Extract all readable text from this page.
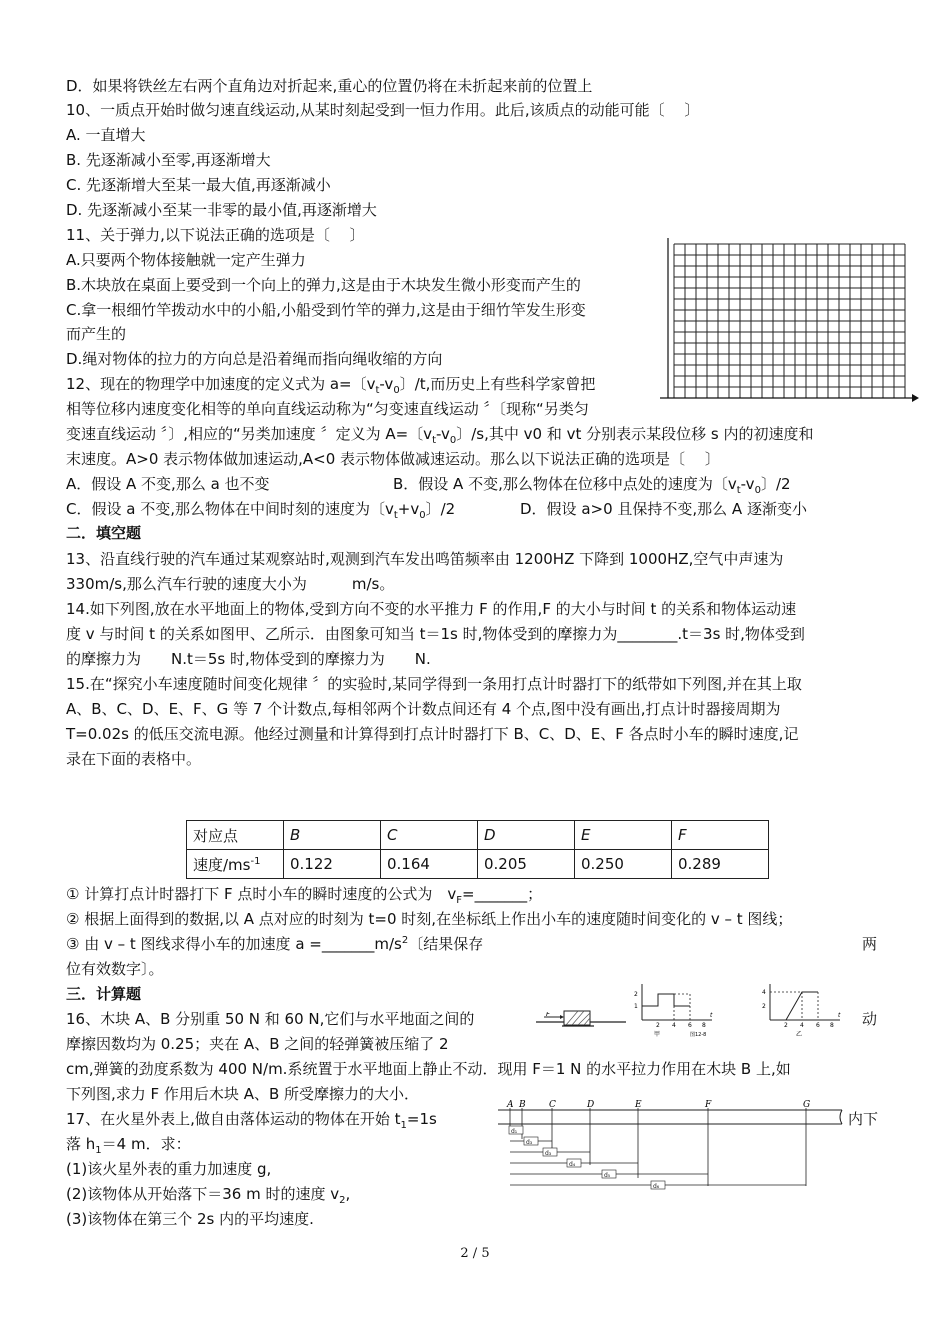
D．如果将铁丝左右两个直角边对折起来,重心的位置仍将在未折起来前的位置上
10、一质点开始时做匀速直线运动,从某时刻起受到一恒力作用。此后,该质点的动能可能〔　 〕
A. 一直增大
B. 先逐渐减小至零,再逐渐增大
C. 先逐渐增大至某一最大值,再逐渐减小
D. 先逐渐减小至某一非零的最小值,再逐渐增大
11、关于弹力,以下说法正确的选项是〔　 〕
A.只要两个物体接触就一定产生弹力
B.木块放在桌面上要受到一个向上的弹力,这是由于木块发生微小形变而产生的
C.拿一根细竹竿拨动水中的小船,小船受到竹竿的弹力,这是由于细竹竿发生形变
而产生的
D.绳对物体的拉力的方向总是沿着绳而指向绳收缩的方向
12、现在的物理学中加速度的定义式为 a=〔$v_t-v_0$〕/t,而历史上有些科学家曾把
相等位移内速度变化相等的单向直线运动称为“匀变速直线运动 〞〔现称“另类匀
变速直线运动 〞〕,相应的“另类加速度 〞定义为 A=〔$v_t-v_0$〕/s,其中 v0 和 vt 分别表示某段位移 s 内的初速度和
末速度。A>0 表示物体做加速运动,A<0 表示物体做减速运动。那么以下说法正确的选项是〔　 〕
A．假设 A 不变,那么 a 也不变	B．假设 A 不变,那么物体在位移中点处的速度为〔$v_t-v_0$〕/2
C．假设 a 不变,那么物体在中间时刻的速度为〔$v_t+v_0$〕/2	D．假设 a>0 且保持不变,那么 A 逐渐变小
二．填空题
13、沿直线行驶的汽车通过某观察站时,观测到汽车发出鸣笛频率由 1200HZ 下降到 1000HZ,空气中声速为
330m/s,那么汽车行驶的速度大小为　　　m/s。
14.如下列图,放在水平地面上的物体,受到方向不变的水平推力 F 的作用,F 的大小与时间 t 的关系和物体运动速
度 v 与时间 t 的关系如图甲、乙所示．由图象可知当 t＝1s 时,物体受到的摩擦力为________.t＝3s 时,物体受到
的摩擦力为　　N.t＝5s 时,物体受到的摩擦力为　　N.
15.在“探究小车速度随时间变化规律 〞的实验时,某同学得到一条用打点计时器打下的纸带如下列图,并在其上取
A、B、C、D、E、F、G 等 7 个计数点,每相邻两个计数点间还有 4 个点,图中没有画出,打点计时器接周期为
T=0.02s 的低压交流电源。他经过测量和计算得到打点计时器打下 B、C、D、E、F 各点时小车的瞬时速度,记
录在下面的表格中。
对应点	B	C	D	E	F
速度$/ms^{-1}$	0.122	0.164	0.205	0.250	0.289
① 计算打点计时器打下 F 点时小车的瞬时速度的公式为　$v_F=\_\_\_\_\_\_\_$；
② 根据上面得到的数据,以 A 点对应的时刻为 t=0 时刻,在坐标纸上作出小车的速度随时间变化的 v – t 图线；
③ 由 v – t 图线求得小车的加速度 $a =\_\_\_\_\_\_\_m/s^2$〔结果保存	两
位有效数字〕。
三．计算题
16、木块 A、B 分别重 50 N 和 60 N,它们与水平地面之间的	动
摩擦因数均为 0.25；夹在 A、B 之间的轻弹簧被压缩了 2
cm,弹簧的劲度系数为 400 N/m.系统置于水平地面上静止不动．现用 F＝1 N 的水平拉力作用在木块 B 上,如
下列图,求力 F 作用后木块 A、B 所受摩擦力的大小．
F
2
1
2 4 6 8
t
甲	图12-8
4
2
2 4 6 8
t
乙
17、在火星外表上,做自由落体运动的物体在开始 $t_1=1s$	内下
落 $h_1=4$ m．求：
(1)该火星外表的重力加速度 g,
(2)该物体从开始落下＝36 m 时的速度 $v_2$,
(3)该物体在第三个 2s 内的平均速度.
A B	C	D	E	F	G
d₁
d₃
d₃
d₄
d₅
d₆
2 / 5
